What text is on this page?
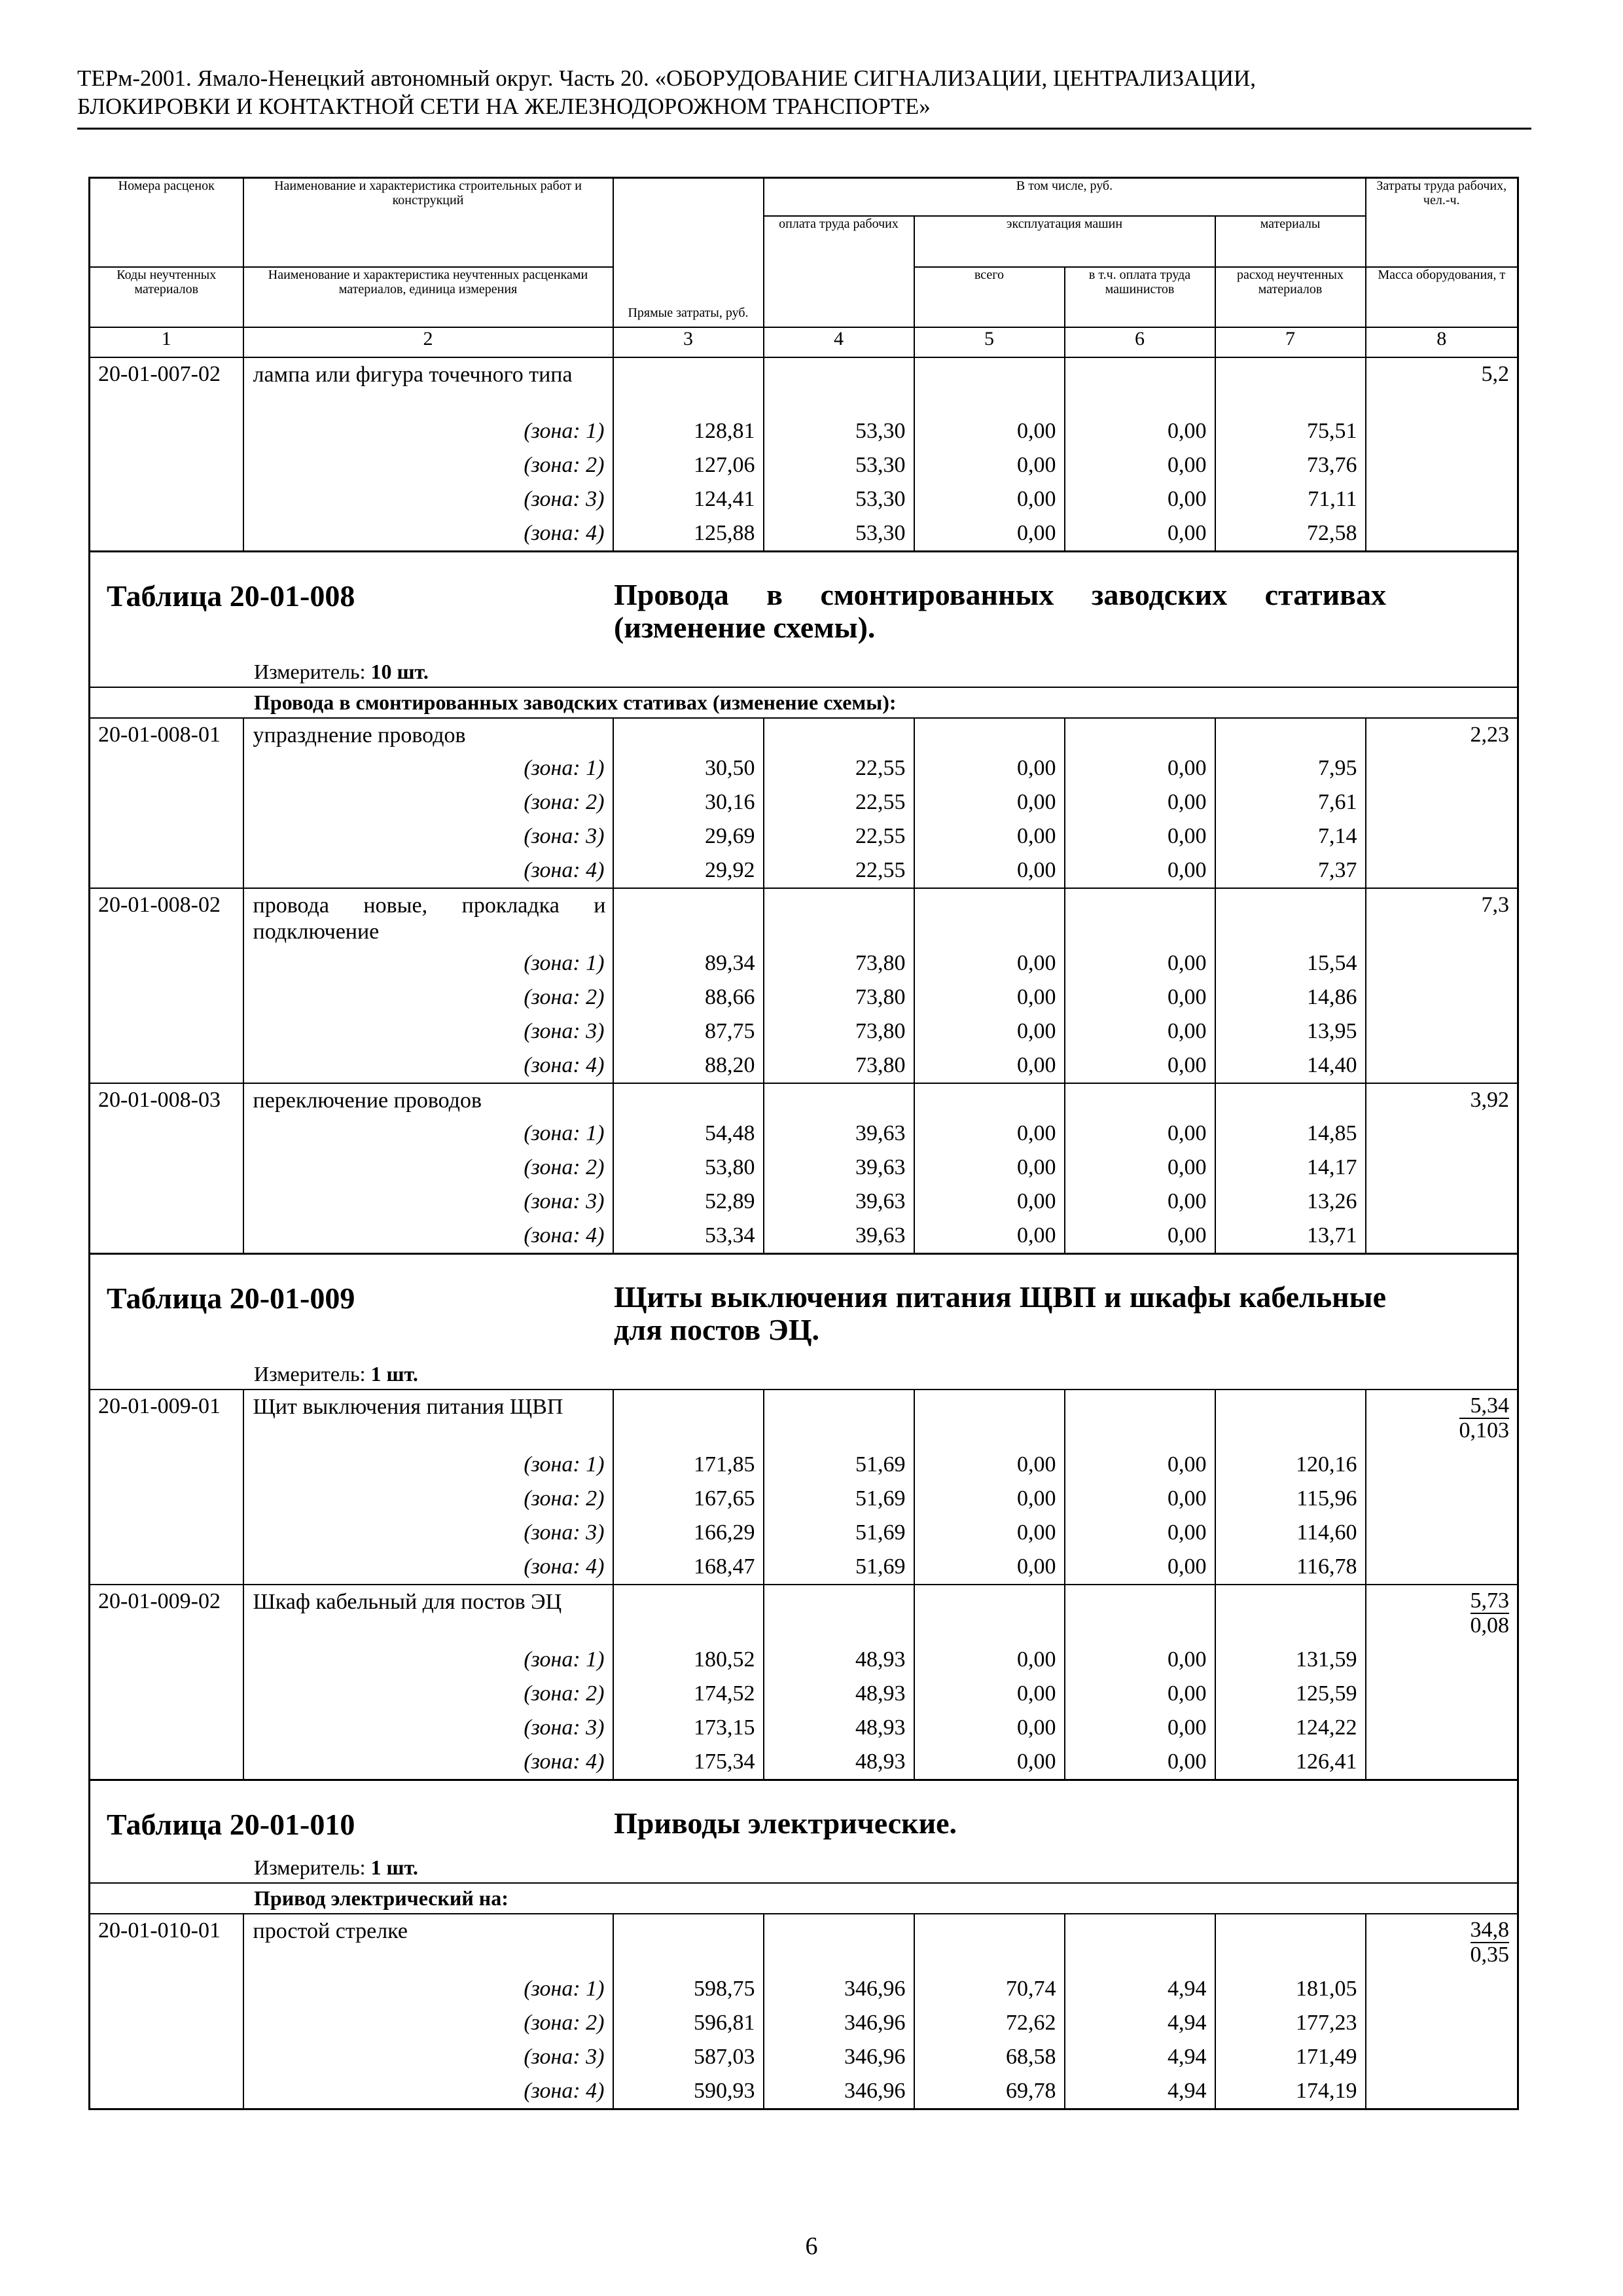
ТЕРм-2001. Ямало-Ненецкий автономный округ. Часть 20. «ОБОРУДОВАНИЕ СИГНАЛИЗАЦИИ, ЦЕНТРАЛИЗАЦИИ,
БЛОКИРОВКИ И КОНТАКТНОЙ СЕТИ НА ЖЕЛЕЗНОДОРОЖНОМ ТРАНСПОРТЕ»
Номера расценок	Наименование и характеристика строительных работ и конструкций	Прямые затраты, руб.	В том числе, руб.				Затраты труда рабочих, чел.-ч.
			оплата труда рабочих	эксплуатация машин		материалы	
Коды неучтенных материалов	Наименование и характеристика неучтенных расценками материалов, единица измерения			всего	в т.ч. оплата труда машинистов	расход неучтенных материалов	Масса оборудования, т
1	2	3	4	5	6	7	8
20-01-007-02	лампа или фигура точечного типа						5,2
	(зона: 1)	128,81	53,30	0,00	0,00	75,51	
	(зона: 2)	127,06	53,30	0,00	0,00	73,76	
	(зона: 3)	124,41	53,30	0,00	0,00	71,11	
	(зона: 4)	125,88	53,30	0,00	0,00	72,58	

Таблица 20-01-008 Провода в смонтированных заводских стативах (изменение схемы).
Измеритель: 10 шт.							

Провода в смонтированных заводских стативах (изменение схемы):							
20-01-008-01	упразднение проводов						2,23
	(зона: 1)	30,50	22,55	0,00	0,00	7,95	
	(зона: 2)	30,16	22,55	0,00	0,00	7,61	
	(зона: 3)	29,69	22,55	0,00	0,00	7,14	
	(зона: 4)	29,92	22,55	0,00	0,00	7,37	
20-01-008-02	провода новые, прокладка и подключение						7,3
	(зона: 1)	89,34	73,80	0,00	0,00	15,54	
	(зона: 2)	88,66	73,80	0,00	0,00	14,86	
	(зона: 3)	87,75	73,80	0,00	0,00	13,95	
	(зона: 4)	88,20	73,80	0,00	0,00	14,40	
20-01-008-03	переключение проводов						3,92
	(зона: 1)	54,48	39,63	0,00	0,00	14,85	
	(зона: 2)	53,80	39,63	0,00	0,00	14,17	
	(зона: 3)	52,89	39,63	0,00	0,00	13,26	
	(зона: 4)	53,34	39,63	0,00	0,00	13,71	

Таблица 20-01-009 Щиты выключения питания ЩВП и шкафы кабельные для постов ЭЦ.
Измеритель: 1 шт.							

20-01-009-01	Щит выключения питания ЩВП						$\frac{5,34}{0,103}$
	(зона: 1)	171,85	51,69	0,00	0,00	120,16	
	(зона: 2)	167,65	51,69	0,00	0,00	115,96	
	(зона: 3)	166,29	51,69	0,00	0,00	114,60	
	(зона: 4)	168,47	51,69	0,00	0,00	116,78	
20-01-009-02	Шкаф кабельный для постов ЭЦ						$\frac{5,73}{0,08}$
	(зона: 1)	180,52	48,93	0,00	0,00	131,59	
	(зона: 2)	174,52	48,93	0,00	0,00	125,59	
	(зона: 3)	173,15	48,93	0,00	0,00	124,22	
	(зона: 4)	175,34	48,93	0,00	0,00	126,41	

Таблица 20-01-010 Приводы электрические.
Измеритель: 1 шт.							

Привод электрический на:							
20-01-010-01	простой стрелке						$\frac{34,8}{0,35}$
	(зона: 1)	598,75	346,96	70,74	4,94	181,05	
	(зона: 2)	596,81	346,96	72,62	4,94	177,23	
	(зона: 3)	587,03	346,96	68,58	4,94	171,49	
	(зона: 4)	590,93	346,96	69,78	4,94	174,19	
6
